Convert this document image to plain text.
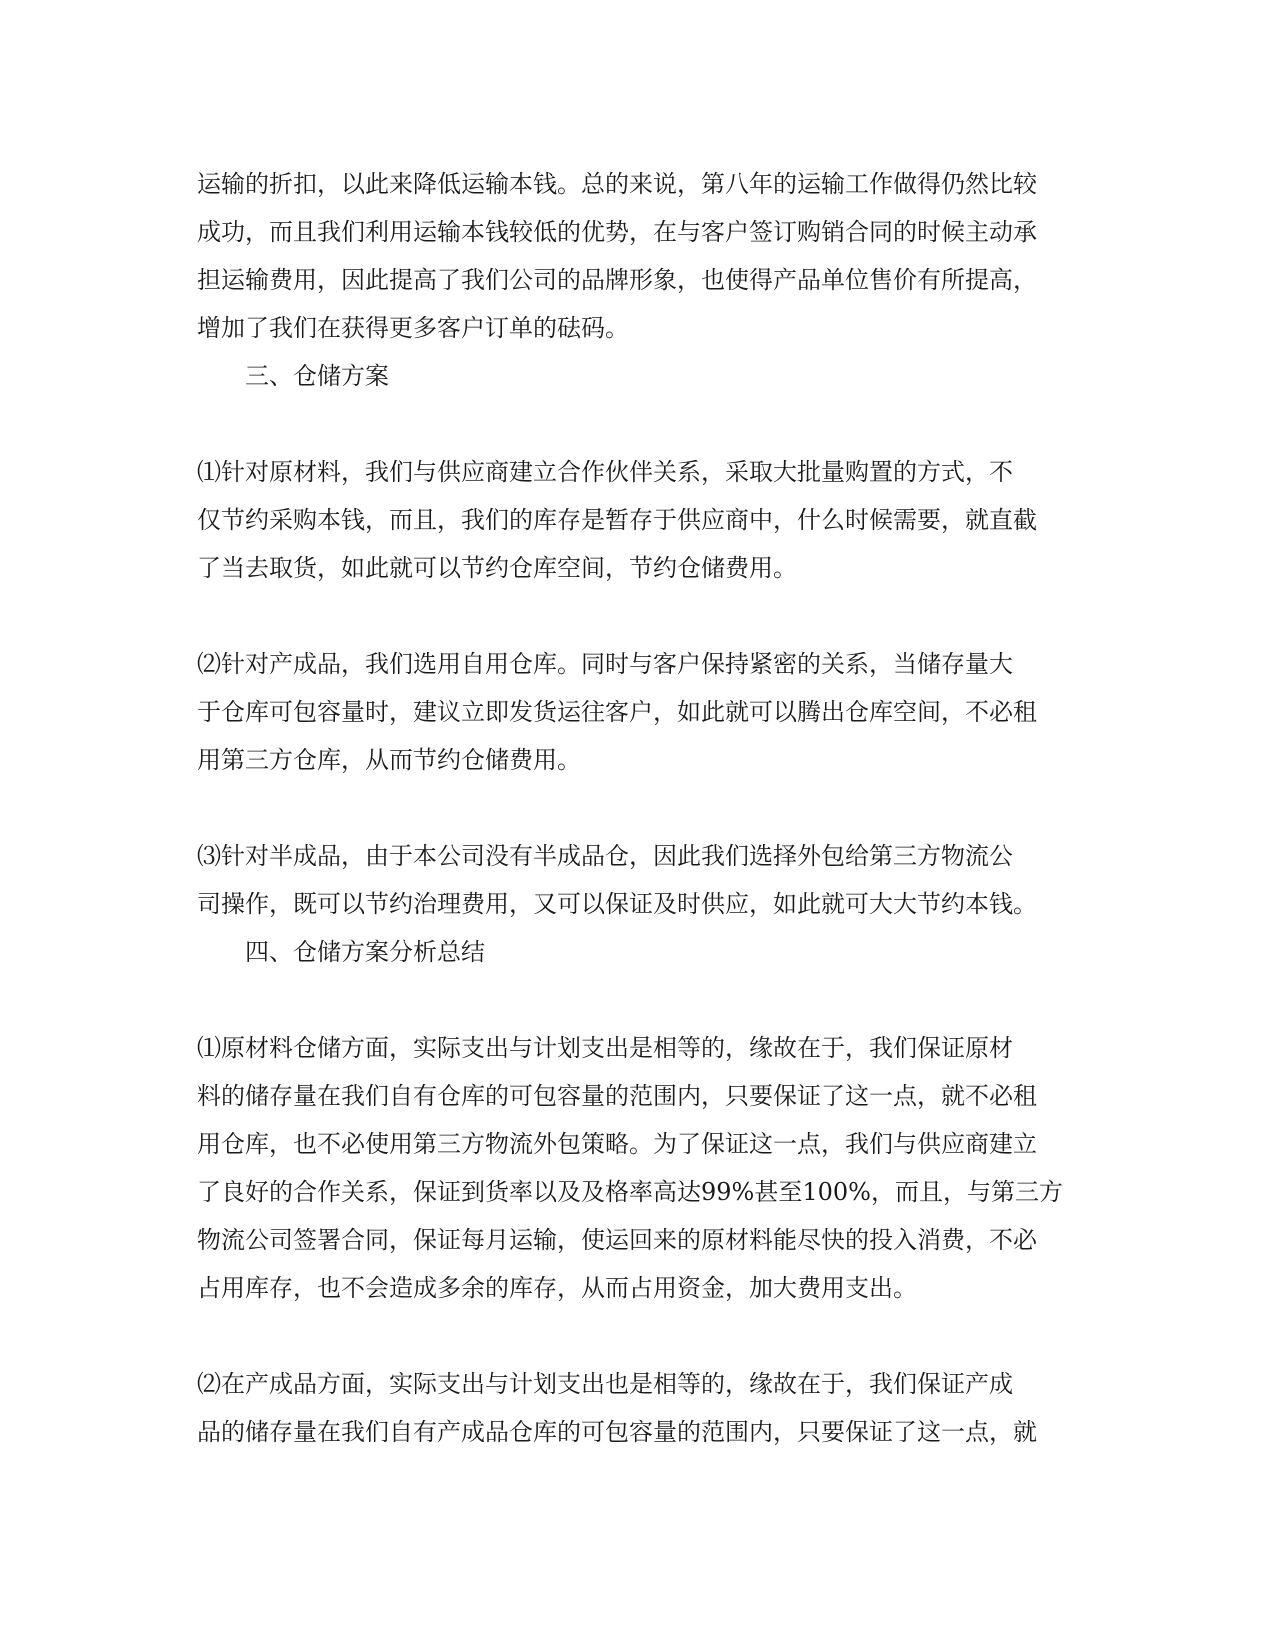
运输的折扣，以此来降低运输本钱。总的来说，第八年的运输工作做得仍然比较
成功，而且我们利用运输本钱较低的优势，在与客户签订购销合同的时候主动承
担运输费用，因此提高了我们公司的品牌形象，也使得产品单位售价有所提高，
增加了我们在获得更多客户订单的砝码。

三、仓储方案

⑴针对原材料，我们与供应商建立合作伙伴关系，采取大批量购置的方式，不
仅节约采购本钱，而且，我们的库存是暂存于供应商中，什么时候需要，就直截
了当去取货，如此就可以节约仓库空间，节约仓储费用。

⑵针对产成品，我们选用自用仓库。同时与客户保持紧密的关系，当储存量大
于仓库可包容量时，建议立即发货运往客户，如此就可以腾出仓库空间，不必租
用第三方仓库，从而节约仓储费用。

⑶针对半成品，由于本公司没有半成品仓，因此我们选择外包给第三方物流公
司操作，既可以节约治理费用，又可以保证及时供应，如此就可大大节约本钱。

四、仓储方案分析总结

⑴原材料仓储方面，实际支出与计划支出是相等的，缘故在于，我们保证原材
料的储存量在我们自有仓库的可包容量的范围内，只要保证了这一点，就不必租
用仓库，也不必使用第三方物流外包策略。为了保证这一点，我们与供应商建立
了良好的合作关系，保证到货率以及及格率高达99%甚至100%，而且，与第三方
物流公司签署合同，保证每月运输，使运回来的原材料能尽快的投入消费，不必
占用库存，也不会造成多余的库存，从而占用资金，加大费用支出。

⑵在产成品方面，实际支出与计划支出也是相等的，缘故在于，我们保证产成
品的储存量在我们自有产成品仓库的可包容量的范围内，只要保证了这一点，就
